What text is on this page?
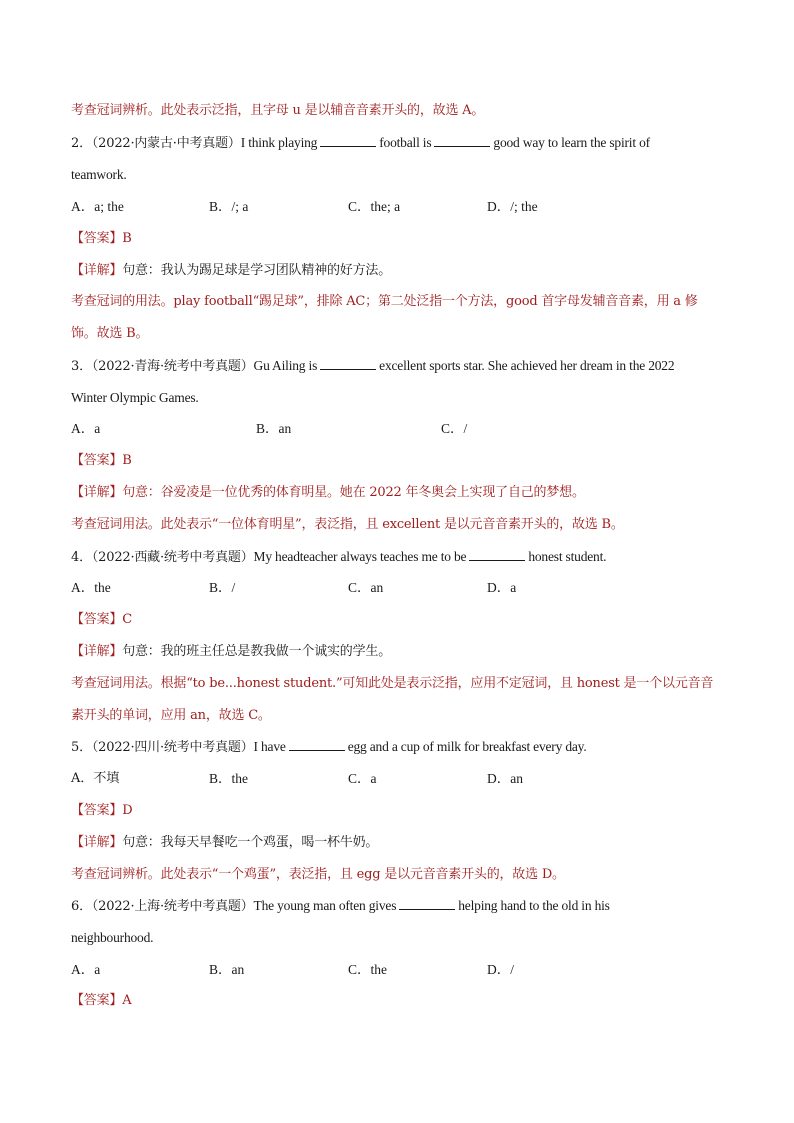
考查冠词辨析。此处表示泛指，且字母 u 是以辅音音素开头的，故选 A。
2．（2022·内蒙古·中考真题）I think playing	football is	good way to learn the spirit of
teamwork.
A．a; the	B．/; a	C．the; a	D．/; the
【答案】B
【详解】句意：我认为踢足球是学习团队精神的好方法。
考查冠词的用法。play football“踢足球”，排除 AC；第二处泛指一个方法，good 首字母发辅音音素，用 a 修
饰。故选 B。
3．（2022·青海·统考中考真题）Gu Ailing is	excellent sports star. She achieved her dream in the 2022
Winter Olympic Games.
A．a	B．an	C．/
【答案】B
【详解】句意：谷爱凌是一位优秀的体育明星。她在 2022 年冬奥会上实现了自己的梦想。
考查冠词用法。此处表示“一位体育明星”，表泛指，且 excellent 是以元音音素开头的，故选 B。
4．（2022·西藏·统考中考真题）My headteacher always teaches me to be	honest student.
A．the	B．/	C．an	D．a
【答案】C
【详解】句意：我的班主任总是教我做一个诚实的学生。
考查冠词用法。根据“to be...honest student.”可知此处是表示泛指，应用不定冠词，且 honest 是一个以元音音
素开头的单词，应用 an，故选 C。
5．（2022·四川·统考中考真题）I have	egg and a cup of milk for breakfast every day.
A．不填	B．the	C．a	D．an
【答案】D
【详解】句意：我每天早餐吃一个鸡蛋，喝一杯牛奶。
考查冠词辨析。此处表示“一个鸡蛋”，表泛指，且 egg 是以元音音素开头的，故选 D。
6．（2022·上海·统考中考真题）The young man often gives	helping hand to the old in his
neighbourhood.
A．a	B．an	C．the	D．/
【答案】A
